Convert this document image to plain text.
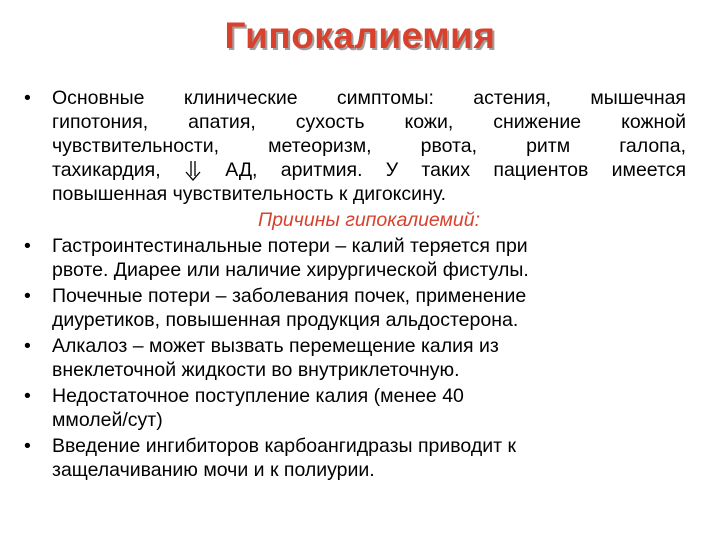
Гипокалиемия
•	Основные клинические симптомы: астения, мышечная
гипотония, апатия, сухость кожи, снижение кожной
чувствительности, метеоризм, рвота, ритм галопа,
тахикардия,	АД, аритмия. У таких пациентов имеется
повышенная чувствительность к дигоксину.
Причины гипокалиемий:
•	Гастроинтестинальные потери – калий теряется при
рвоте. Диарее или наличие хирургической фистулы.
•	Почечные потери – заболевания почек, применение
диуретиков, повышенная продукция альдостерона.
•	Алкалоз – может вызвать перемещение калия из
внеклеточной жидкости во внутриклеточную.
•	Недостаточное поступление калия (менее 40
ммолей/сут)
•	Введение ингибиторов карбоангидразы приводит к
защелачиванию мочи и к полиурии.
